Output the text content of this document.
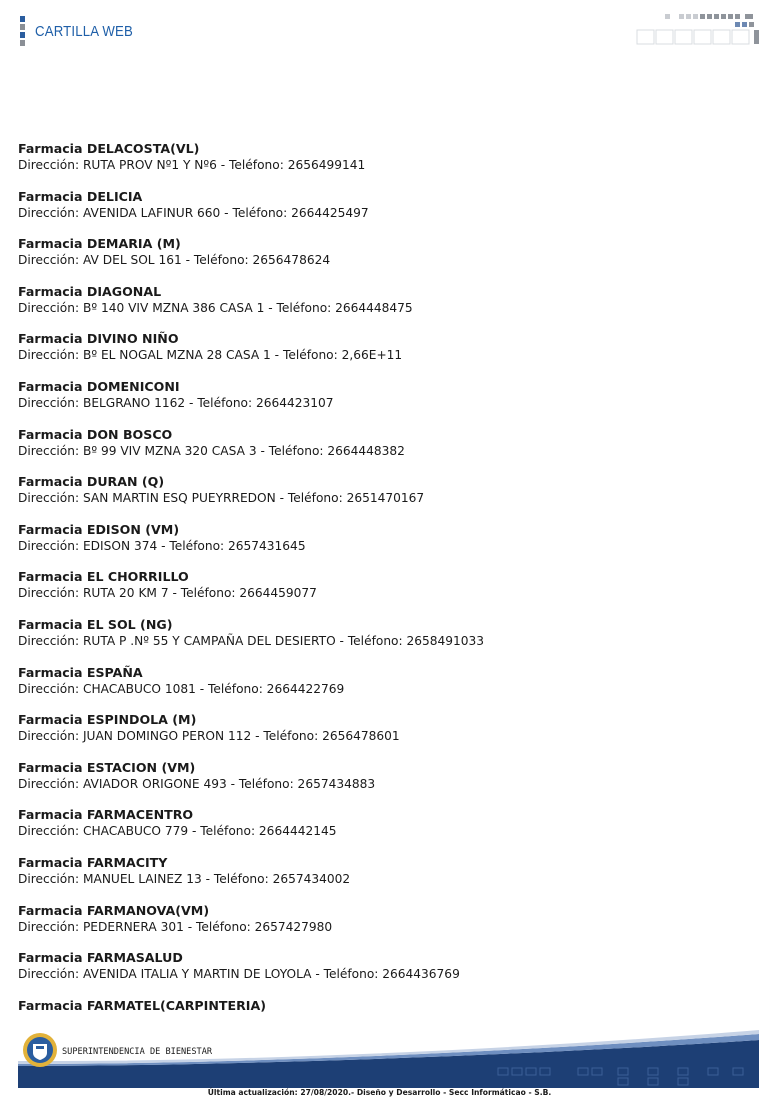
CARTILLA WEB
Farmacia DELACOSTA(VL)
Dirección: RUTA PROV Nº1 Y Nº6 - Teléfono: 2656499141
Farmacia DELICIA
Dirección: AVENIDA LAFINUR 660 - Teléfono: 2664425497
Farmacia DEMARIA (M)
Dirección: AV DEL SOL 161 - Teléfono: 2656478624
Farmacia DIAGONAL
Dirección: Bº 140 VIV MZNA 386 CASA 1 - Teléfono: 2664448475
Farmacia DIVINO NIÑO
Dirección: Bº EL NOGAL MZNA 28 CASA 1 - Teléfono: 2,66E+11
Farmacia DOMENICONI
Dirección: BELGRANO 1162 - Teléfono: 2664423107
Farmacia DON BOSCO
Dirección: Bº 99 VIV MZNA 320 CASA 3 - Teléfono: 2664448382
Farmacia DURAN (Q)
Dirección: SAN MARTIN ESQ PUEYRREDON - Teléfono: 2651470167
Farmacia EDISON (VM)
Dirección: EDISON 374 - Teléfono: 2657431645
Farmacia EL CHORRILLO
Dirección: RUTA 20 KM 7 - Teléfono: 2664459077
Farmacia EL SOL (NG)
Dirección: RUTA P .Nº 55 Y CAMPAÑA DEL DESIERTO - Teléfono: 2658491033
Farmacia ESPAÑA
Dirección: CHACABUCO 1081 - Teléfono: 2664422769
Farmacia ESPINDOLA (M)
Dirección: JUAN DOMINGO PERON 112 - Teléfono: 2656478601
Farmacia ESTACION (VM)
Dirección: AVIADOR ORIGONE 493 - Teléfono: 2657434883
Farmacia FARMACENTRO
Dirección: CHACABUCO 779 - Teléfono: 2664442145
Farmacia FARMACITY
Dirección: MANUEL LAINEZ 13 - Teléfono: 2657434002
Farmacia FARMANOVA(VM)
Dirección: PEDERNERA 301 - Teléfono: 2657427980
Farmacia FARMASALUD
Dirección: AVENIDA ITALIA Y MARTIN DE LOYOLA - Teléfono: 2664436769
Farmacia FARMATEL(CARPINTERIA)
SUPERINTENDENCIA DE BIENESTAR
Última actualización: 27/08/2020.- Diseño y Desarrollo - Secc Informáticao - S.B.
